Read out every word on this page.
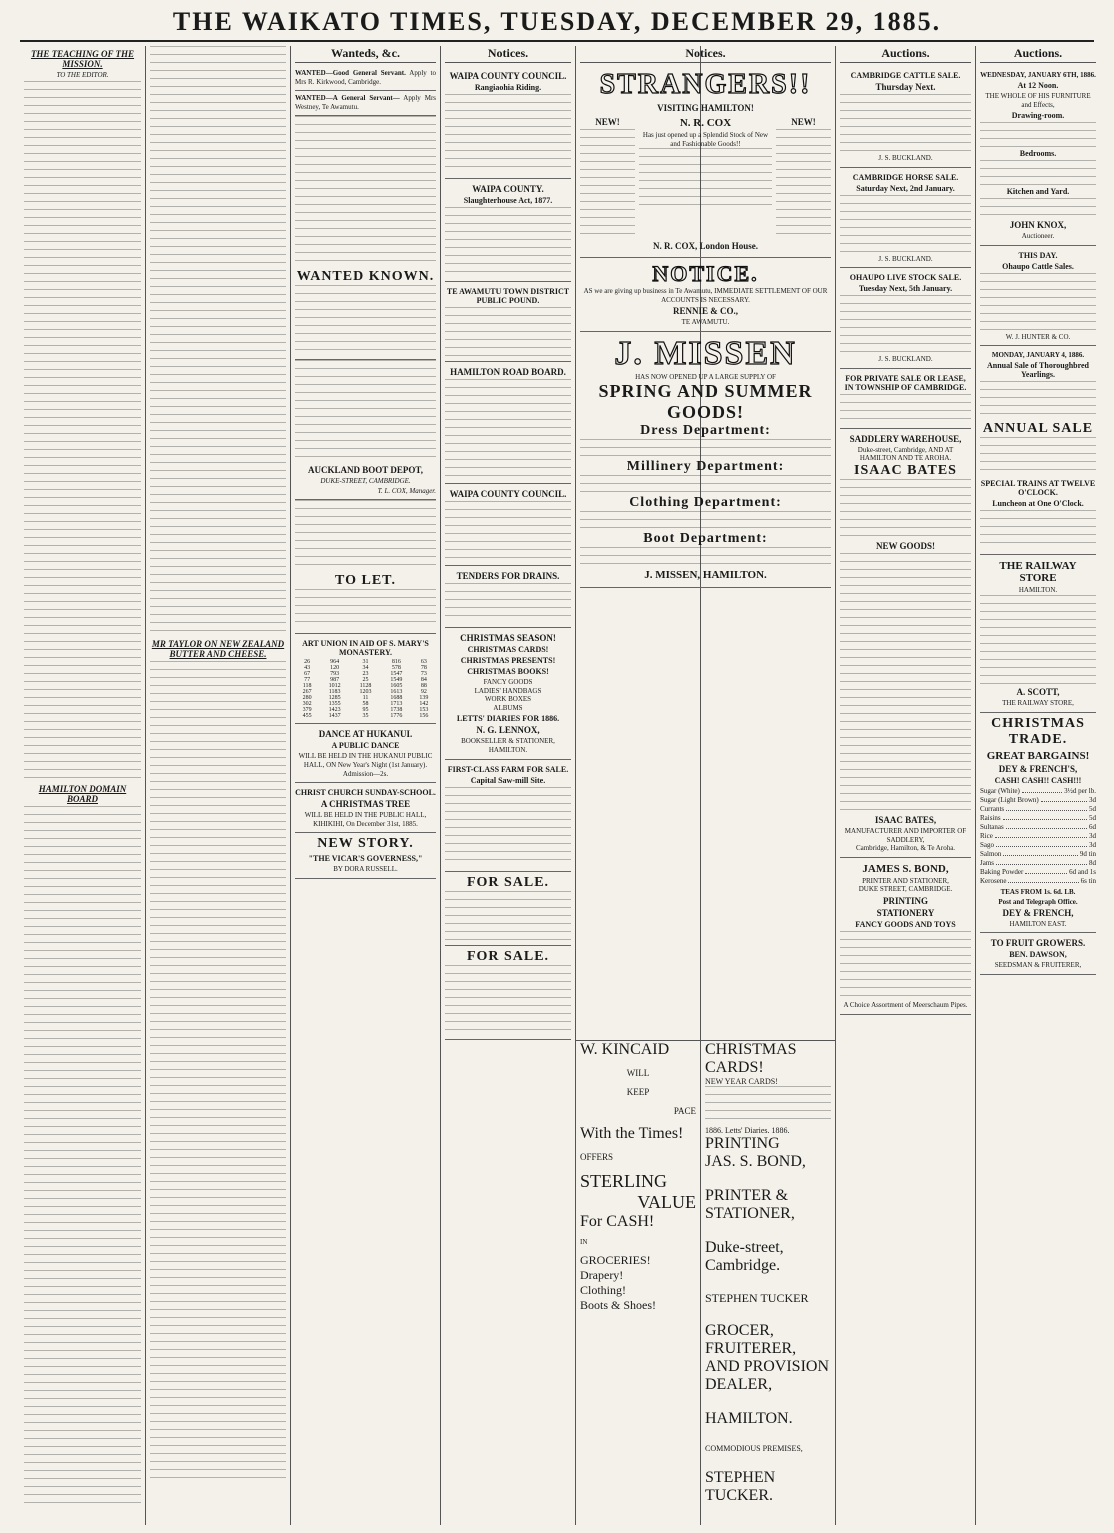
THE WAIKATO TIMES, TUESDAY, DECEMBER 29, 1885.
THE TEACHING OF THE MISSION.
TO THE EDITOR.
HAMILTON DOMAIN BOARD
MR TAYLOR ON NEW ZEALAND BUTTER AND CHEESE.
Wanteds, &c.

WANTED—Good General Servant. Apply to Mrs R. Kirkwood, Cambridge.

WANTED—A General Servant— Apply Mrs Westney, Te Awamutu.

WANTED KNOWN.
AUCKLAND BOOT DEPOT,
DUKE-STREET, CAMBRIDGE.
T. L. COX, Manager.
TO LET.
ART UNION IN AID OF S. MARY'S MONASTERY.
26	964	31	816	63
43	120	34	578	78
67	793	23	1547	73
77	987	25	1549	84
118	1012	1128	1605	88
267	1183	1203	1613	92
280	1285	11	1688	139
302	1355	58	1713	142
379	1423	95	1738	153
455	1437	35	1776	156
DANCE AT HUKANUI.
A PUBLIC DANCE

WILL BE HELD IN THE HUKANUI PUBLIC HALL, ON New Year's Night (1st January).

Admission—2s.

CHRIST CHURCH SUNDAY-SCHOOL.
A CHRISTMAS TREE

WILL BE HELD IN THE PUBLIC HALL, KIHIKIHI, On December 31st, 1885.

NEW STORY.
"THE VICAR'S GOVERNESS,"

BY DORA RUSSELL.

Notices.
WAIPA COUNTY COUNCIL.
Rangiaohia Riding.
WAIPA COUNTY.
Slaughterhouse Act, 1877.
TE AWAMUTU TOWN DISTRICT PUBLIC POUND.
HAMILTON ROAD BOARD.
WAIPA COUNTY COUNCIL.
TENDERS FOR DRAINS.
CHRISTMAS SEASON!
CHRISTMAS CARDS!
CHRISTMAS PRESENTS!
CHRISTMAS BOOKS!

FANCY GOODS

LADIES' HANDBAGS

WORK BOXES

ALBUMS

LETTS' DIARIES FOR 1886.
N. G. LENNOX,

BOOKSELLER & STATIONER, HAMILTON.

FIRST-CLASS FARM FOR SALE.
Capital Saw-mill Site.
FOR SALE.
FOR SALE.
Notices.
STRANGERS!!
VISITING HAMILTON!
NEW!	N. R. COX

Has just opened up a Splendid Stock of New and Fashionable Goods!!

NEW!
N. R. COX, London House.
NOTICE.

AS we are giving up business in Te Awamutu, IMMEDIATE SETTLEMENT OF OUR ACCOUNTS IS NECESSARY.

RENNIE & CO.,

TE AWAMUTU.

J. MISSEN

HAS NOW OPENED UP A LARGE SUPPLY OF

SPRING AND SUMMER GOODS!
Dress Department:
Millinery Department:
Clothing Department:
Boot Department:
J. MISSEN, HAMILTON.
W. KINCAID

WILL

KEEP

PACE

With the Times!

OFFERS

STERLING
VALUE
For CASH!

IN

GROCERIES!
Drapery!
Clothing!
Boots & Shoes!
CHRISTMAS CARDS!
NEW YEAR CARDS!
1886. Letts' Diaries. 1886.
PRINTING
JAS. S. BOND,

PRINTER & STATIONER,

Duke-street, Cambridge.

STEPHEN TUCKER

GROCER, FRUITERER, AND PROVISION DEALER,

HAMILTON.

COMMODIOUS PREMISES,

STEPHEN TUCKER.

Auctions.
CAMBRIDGE CATTLE SALE.
Thursday Next.

J. S. BUCKLAND.

CAMBRIDGE HORSE SALE.
Saturday Next, 2nd January.

J. S. BUCKLAND.

OHAUPO LIVE STOCK SALE.
Tuesday Next, 5th January.

J. S. BUCKLAND.

FOR PRIVATE SALE OR LEASE, IN TOWNSHIP OF CAMBRIDGE.
SADDLERY WAREHOUSE,

Duke-street, Cambridge, AND AT HAMILTON AND TE AROHA.

ISAAC BATES
NEW GOODS!
ISAAC BATES,

MANUFACTURER AND IMPORTER OF SADDLERY,

Cambridge, Hamilton, & Te Aroha.

JAMES S. BOND,

PRINTER AND STATIONER,

DUKE STREET, CAMBRIDGE.

PRINTING
STATIONERY
FANCY GOODS AND TOYS

A Choice Assortment of Meerschaum Pipes.

Auctions.
WEDNESDAY, JANUARY 6TH, 1886.
At 12 Noon.

THE WHOLE OF HIS FURNITURE and Effects,

Drawing-room.
Bedrooms.
Kitchen and Yard.
JOHN KNOX,

Auctioneer.

THIS DAY.
Ohaupo Cattle Sales.

W. J. HUNTER & CO.

MONDAY, JANUARY 4, 1886.
Annual Sale of Thoroughbred Yearlings.
ANNUAL SALE
SPECIAL TRAINS AT TWELVE O'CLOCK.
Luncheon at One O'Clock.
THE RAILWAY STORE

HAMILTON.

A. SCOTT,

THE RAILWAY STORE,

CHRISTMAS TRADE.
GREAT BARGAINS!
DEY & FRENCH'S,
CASH! CASH!! CASH!!!
Sugar (White)	3½d per lb.
Sugar (Light Brown)	3d
Currants	5d
Raisins	5d
Sultanas	6d
Rice	3d
Sago	3d
Salmon	9d tin
Jams	8d
Baking Powder	6d and 1s
Kerosene	6s tin
TEAS FROM 1s. 6d. LB.
Post and Telegraph Office.
DEY & FRENCH,

HAMILTON EAST.

TO FRUIT GROWERS.
BEN. DAWSON,

SEEDSMAN & FRUITERER,
